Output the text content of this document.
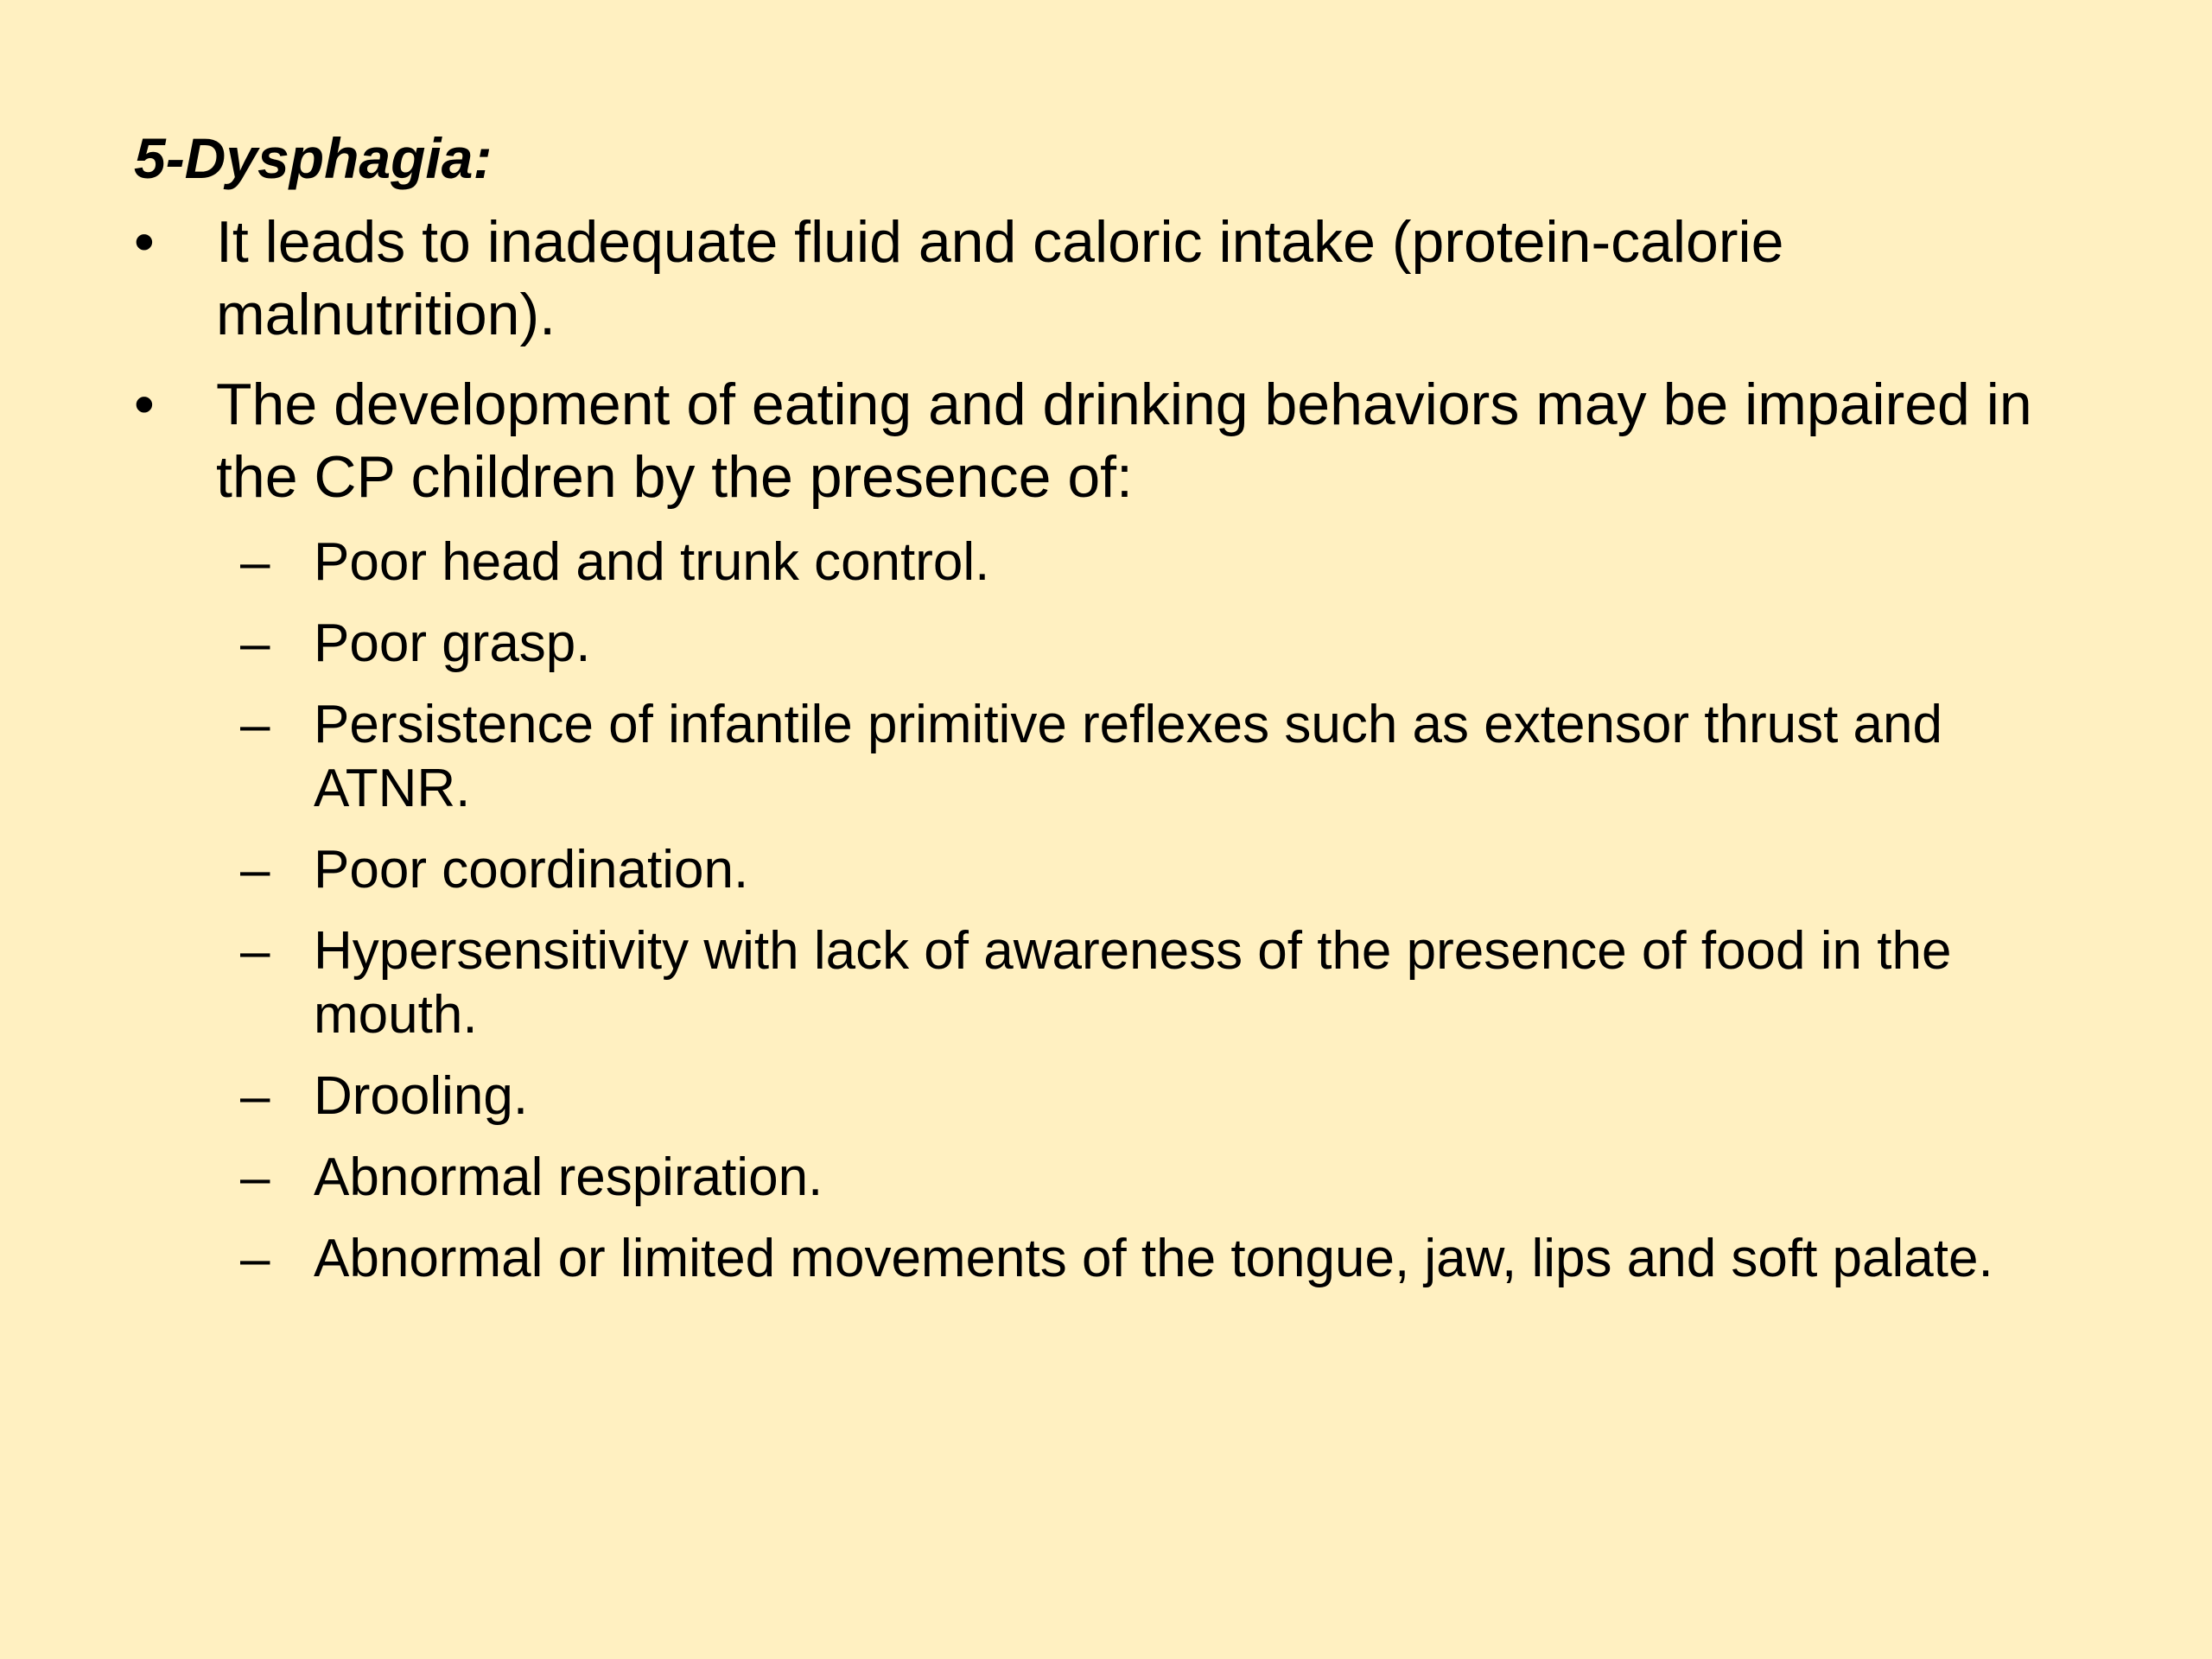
5-Dysphagia:
• It leads to inadequate fluid and caloric intake (protein-calorie malnutrition).
• The development of eating and drinking behaviors may be impaired in the CP children by the presence of:
– Poor head and trunk control.
– Poor grasp.
– Persistence of infantile primitive reflexes such as extensor thrust and ATNR.
– Poor coordination.
– Hypersensitivity with lack of awareness of the presence of food in the mouth.
– Drooling.
– Abnormal respiration.
– Abnormal or limited movements of the tongue, jaw, lips and soft palate.
